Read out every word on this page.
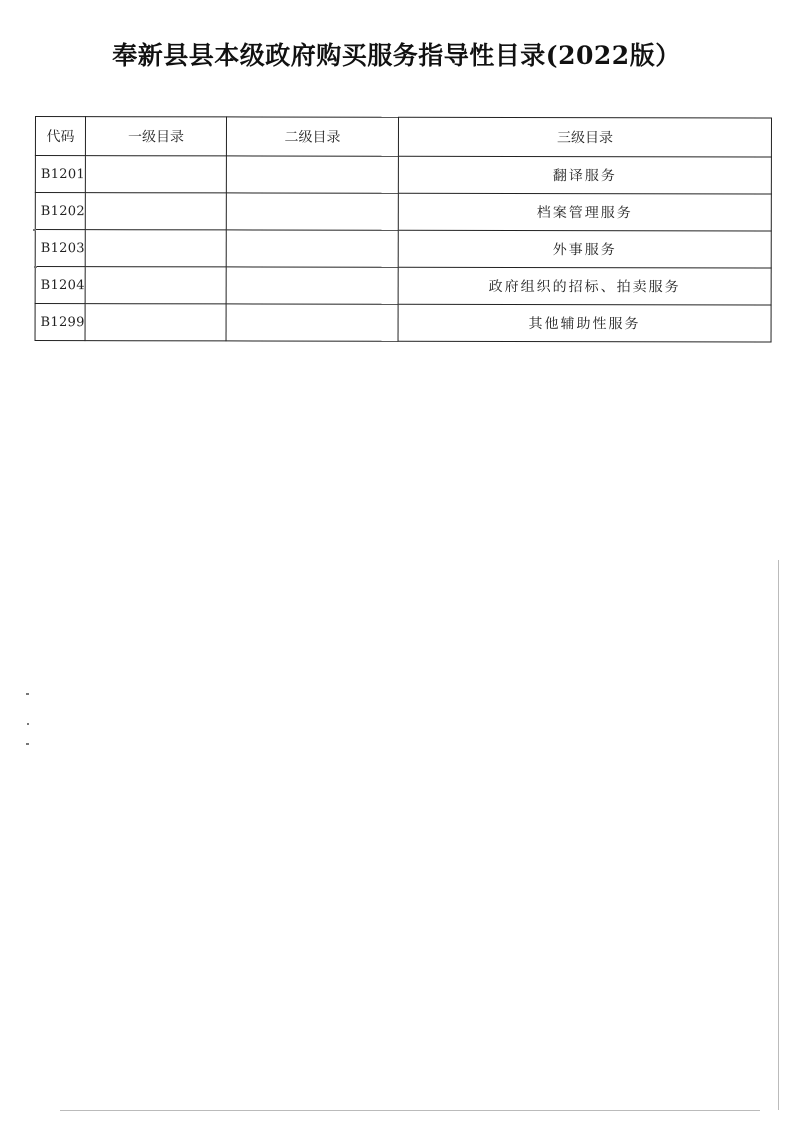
奉新县县本级政府购买服务指导性目录(2022版）
代码	一级目录	二级目录	三级目录
B1201			翻译服务
B1202			档案管理服务
B1203			外事服务
B1204			政府组织的招标、拍卖服务
B1299			其他辅助性服务
